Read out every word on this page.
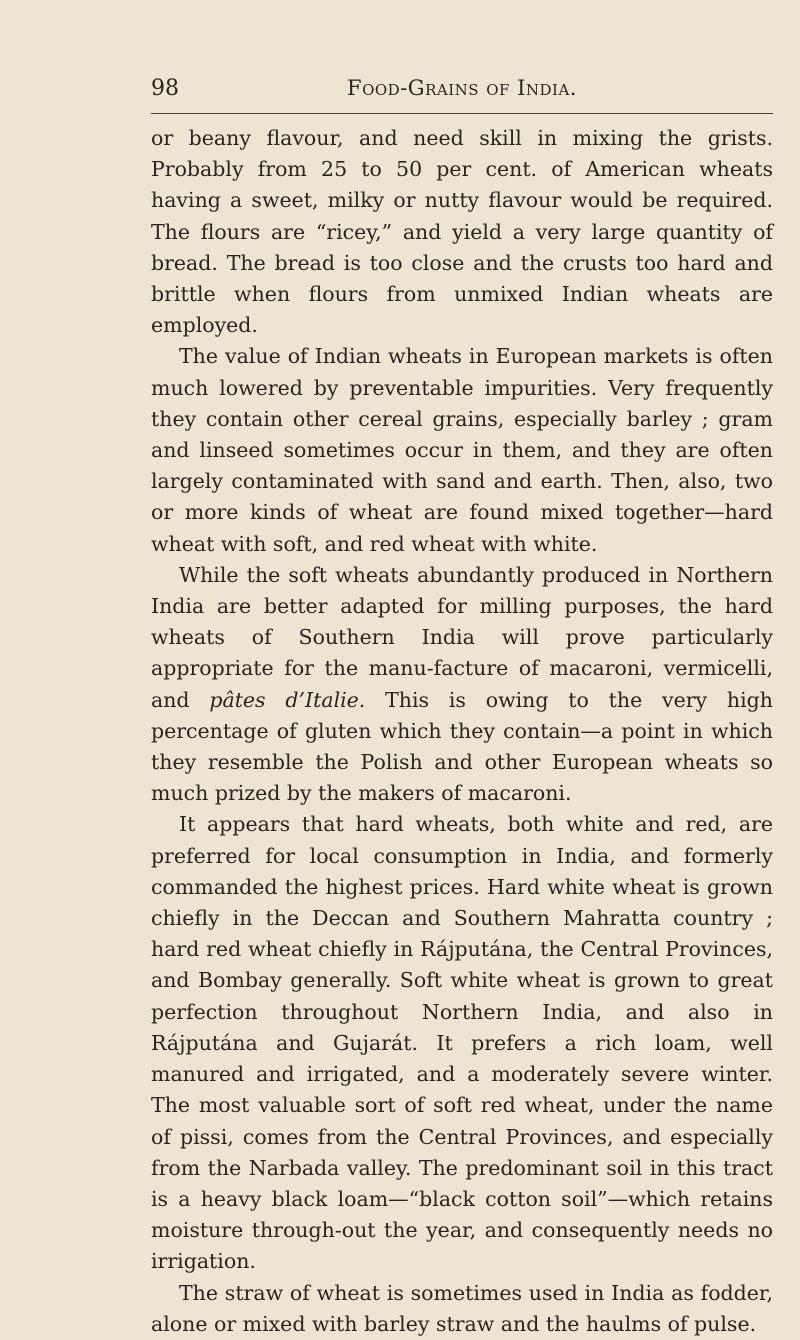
98	Food-Grains of India.

or beany flavour, and need skill in mixing the grists. Probably from 25 to 50 per cent. of American wheats having a sweet, milky or nutty flavour would be required. The flours are “ricey,” and yield a very large quantity of bread. The bread is too close and the crusts too hard and brittle when flours from unmixed Indian wheats are employed.

The value of Indian wheats in European markets is often much lowered by preventable impurities. Very frequently they contain other cereal grains, especially barley ; gram and linseed sometimes occur in them, and they are often largely contaminated with sand and earth. Then, also, two or more kinds of wheat are found mixed together—hard wheat with soft, and red wheat with white.

While the soft wheats abundantly produced in Northern India are better adapted for milling purposes, the hard wheats of Southern India will prove particularly appropriate for the manu-facture of macaroni, vermicelli, and pâtes d’Italie. This is owing to the very high percentage of gluten which they contain—a point in which they resemble the Polish and other European wheats so much prized by the makers of macaroni.

It appears that hard wheats, both white and red, are preferred for local consumption in India, and formerly commanded the highest prices. Hard white wheat is grown chiefly in the Deccan and Southern Mahratta country ; hard red wheat chiefly in Rájputána, the Central Provinces, and Bombay generally. Soft white wheat is grown to great perfection throughout Northern India, and also in Rájputána and Gujarát. It prefers a rich loam, well manured and irrigated, and a moderately severe winter. The most valuable sort of soft red wheat, under the name of pissi, comes from the Central Provinces, and especially from the Narbada valley. The predominant soil in this tract is a heavy black loam—“black cotton soil”—which retains moisture through-out the year, and consequently needs no irrigation.

The straw of wheat is sometimes used in India as fodder, alone or mixed with barley straw and the haulms of pulse.
